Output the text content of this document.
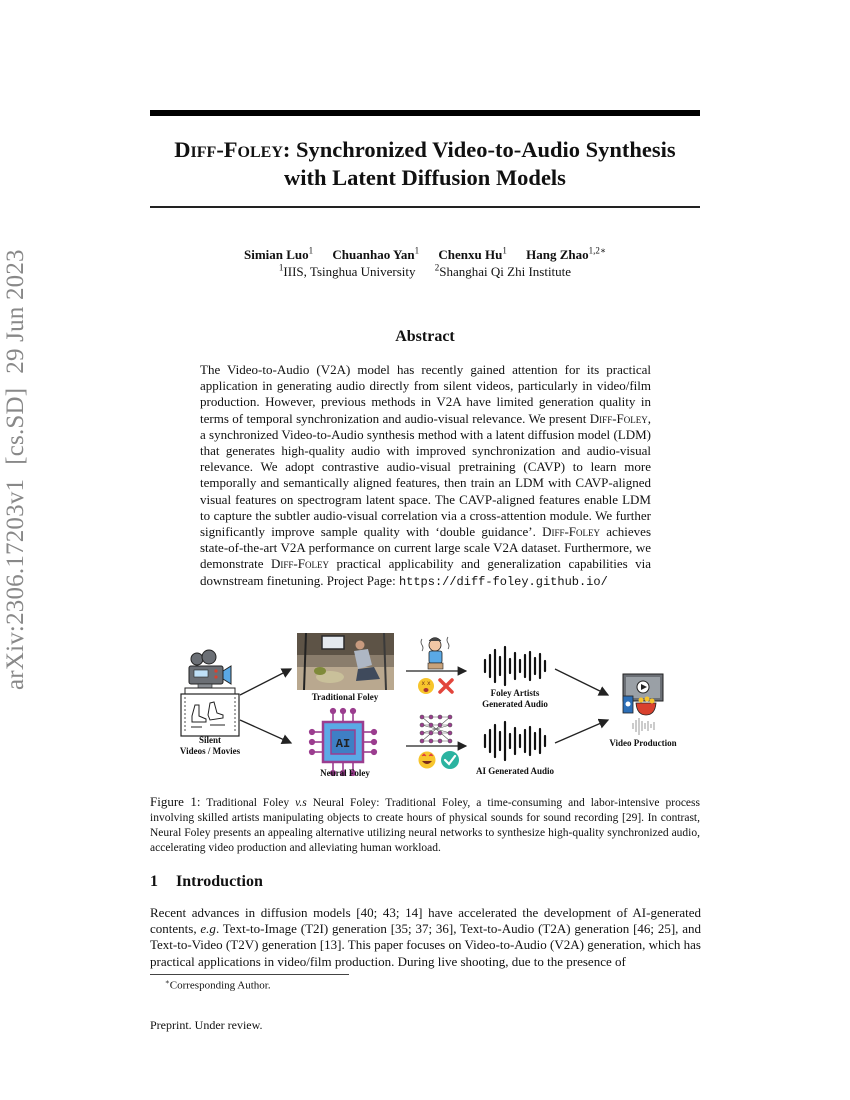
arXiv:2306.17203v1[cs.SD]29 Jun 2023
Diff-Foley: Synchronized Video-to-Audio Synthesis
with Latent Diffusion Models
Simian Luo$^1$ Chuanhao Yan$^1$ Chenxu Hu$^1$ Hang Zhao$^{1,2∗}$
$^1$IIIS, Tsinghua University $^2$Shanghai Qi Zhi Institute
Abstract
The Video-to-Audio (V2A) model has recently gained attention for its practical application in generating audio directly from silent videos, particularly in video/film production. However, previous methods in V2A have limited generation quality in terms of temporal synchronization and audio-visual relevance. We present Diff-Foley, a synchronized Video-to-Audio synthesis method with a latent diffusion model (LDM) that generates high-quality audio with improved synchronization and audio-visual relevance. We adopt contrastive audio-visual pretraining (CAVP) to learn more temporally and semantically aligned features, then train an LDM with CAVP-aligned visual features on spectrogram latent space. The CAVP-aligned features enable LDM to capture the subtler audio-visual correlation via a cross-attention module. We further significantly improve sample quality with ‘double guidance’. Diff-Foley achieves state-of-the-art V2A performance on current large scale V2A dataset. Furthermore, we demonstrate Diff-Foley practical applicability and generalization capabilities via downstream finetuning. Project Page: https://diff-foley.github.io/
AI
x x
Silent
Videos / Movies
Traditional Foley
Neural Foley
Foley Artists
Generated Audio
AI Generated Audio
Video Production
Figure 1: Traditional Foley v.s Neural Foley: Traditional Foley, a time-consuming and labor-intensive process involving skilled artists manipulating objects to create hours of physical sounds for sound recording [29]. In contrast, Neural Foley presents an appealing alternative utilizing neural networks to synthesize high-quality synchronized audio, accelerating video production and alleviating human workload.
1 Introduction
Recent advances in diffusion models [40; 43; 14] have accelerated the development of AI-generated contents, e.g. Text-to-Image (T2I) generation [35; 37; 36], Text-to-Audio (T2A) generation [46; 25], and Text-to-Video (T2V) generation [13]. This paper focuses on Video-to-Audio (V2A) generation, which has practical applications in video/film production. During live shooting, due to the presence of
∗Corresponding Author.
Preprint. Under review.
